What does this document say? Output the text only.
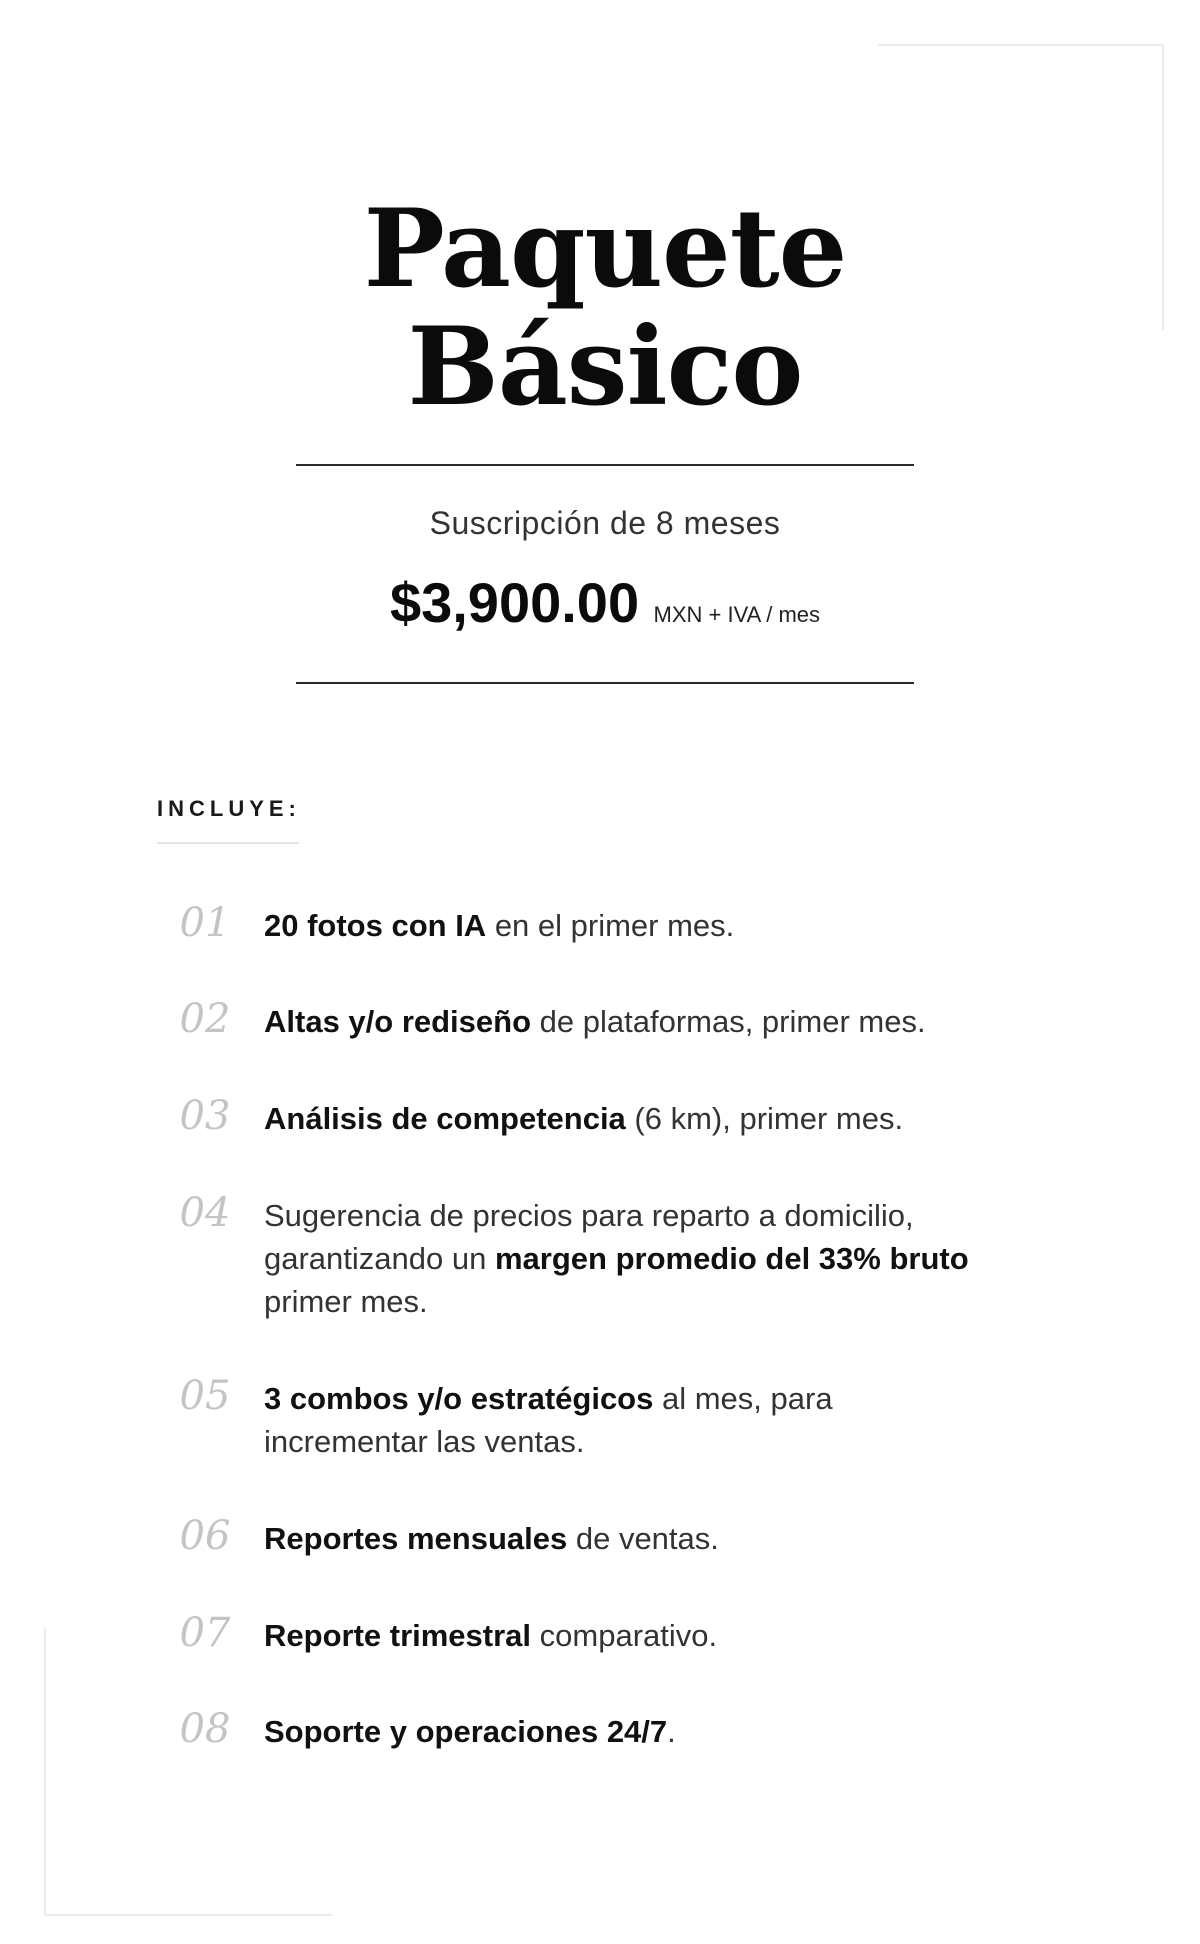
Paquete
Básico
Suscripción de 8 meses
$3,900.00 MXN + IVA / mes
INCLUYE:
01	20 fotos con IA en el primer mes.
02	Altas y/o rediseño de plataformas, primer mes.
03	Análisis de competencia (6 km), primer mes.
04	Sugerencia de precios para reparto a domicilio, garantizando un margen promedio del 33% bruto primer mes.
05	3 combos y/o estratégicos al mes, para incrementar las ventas.
06	Reportes mensuales de ventas.
07	Reporte trimestral comparativo.
08	Soporte y operaciones 24/7.
